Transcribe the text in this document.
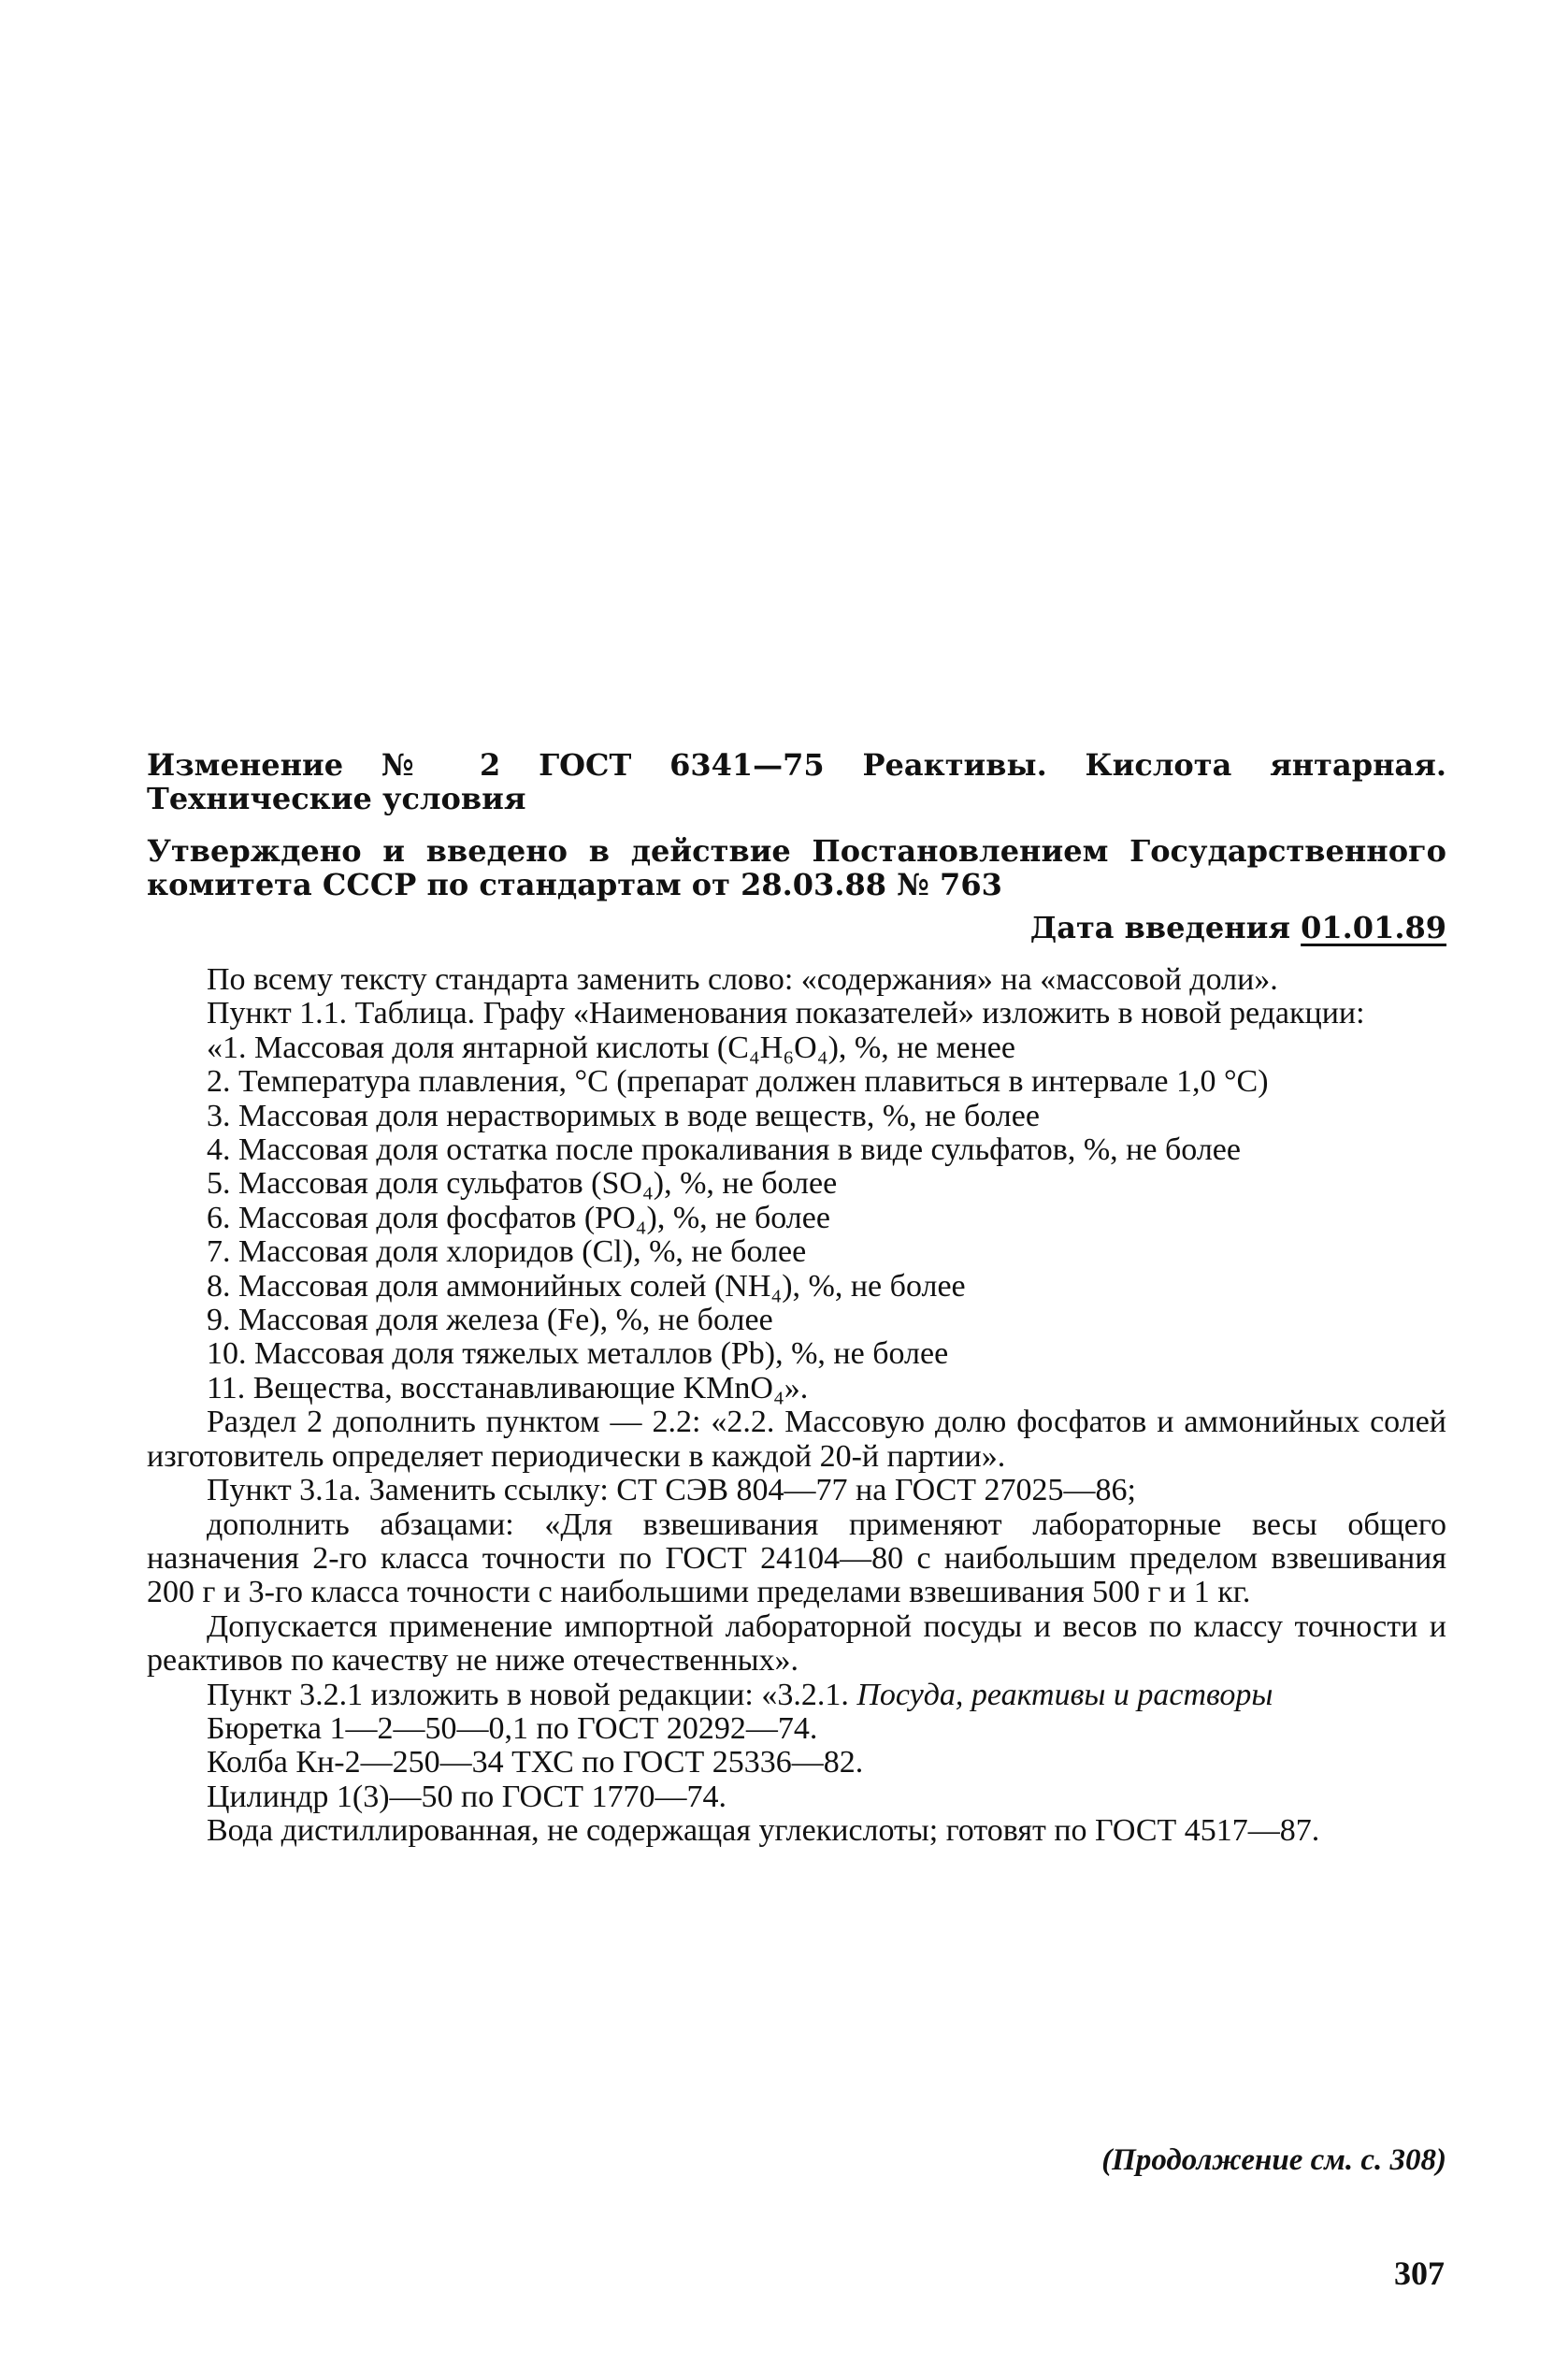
Изменение № 2 ГОСТ 6341—75 Реактивы. Кислота янтарная. Технические условия

Утверждено и введено в действие Постановлением Государственного комитета СССР по стандартам от 28.03.88 № 763

Дата введения 01.01.89

По всему тексту стандарта заменить слово: «содержания» на «массовой доли».

Пункт 1.1. Таблица. Графу «Наименования показателей» изложить в новой редакции:

«1. Массовая доля янтарной кислоты (C₄H₆O₄), %, не менее

2. Температура плавления, °С (препарат должен плавиться в интервале 1,0 °С)

3. Массовая доля нерастворимых в воде веществ, %, не более

4. Массовая доля остатка после прокаливания в виде сульфатов, %, не более

5. Массовая доля сульфатов (SO₄), %, не более

6. Массовая доля фосфатов (PO₄), %, не более

7. Массовая доля хлоридов (Cl), %, не более

8. Массовая доля аммонийных солей (NH₄), %, не более

9. Массовая доля железа (Fe), %, не более

10. Массовая доля тяжелых металлов (Pb), %, не более

11. Вещества, восстанавливающие KMnO₄».

Раздел 2 дополнить пунктом — 2.2: «2.2. Массовую долю фосфатов и аммонийных солей изготовитель определяет периодически в каждой 20-й партии».

Пункт 3.1а. Заменить ссылку: СТ СЭВ 804—77 на ГОСТ 27025—86;

дополнить абзацами: «Для взвешивания применяют лабораторные весы общего назначения 2-го класса точности по ГОСТ 24104—80 с наибольшим пределом взвешивания 200 г и 3-го класса точности с наибольшими пределами взвешивания 500 г и 1 кг.

Допускается применение импортной лабораторной посуды и весов по классу точности и реактивов по качеству не ниже отечественных».

Пункт 3.2.1 изложить в новой редакции: «3.2.1. Посуда, реактивы и растворы

Бюретка 1—2—50—0,1 по ГОСТ 20292—74.

Колба Кн-2—250—34 ТХС по ГОСТ 25336—82.

Цилиндр 1(3)—50 по ГОСТ 1770—74.

Вода дистиллированная, не содержащая углекислоты; готовят по ГОСТ 4517—87.

(Продолжение см. с. 308)
307
